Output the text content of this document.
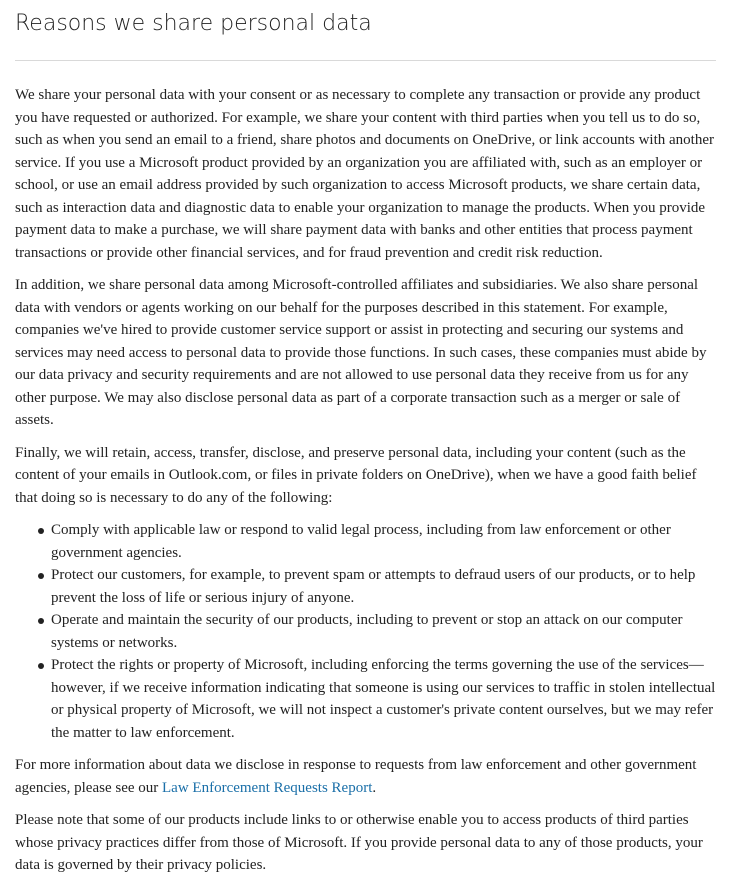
Reasons we share personal data

We share your personal data with your consent or as necessary to complete any transaction or provide any product you have requested or authorized. For example, we share your content with third parties when you tell us to do so, such as when you send an email to a friend, share photos and documents on OneDrive, or link accounts with another service. If you use a Microsoft product provided by an organization you are affiliated with, such as an employer or school, or use an email address provided by such organization to access Microsoft products, we share certain data, such as interaction data and diagnostic data to enable your organization to manage the products. When you provide payment data to make a purchase, we will share payment data with banks and other entities that process payment transactions or provide other financial services, and for fraud prevention and credit risk reduction.

In addition, we share personal data among Microsoft-controlled affiliates and subsidiaries. We also share personal data with vendors or agents working on our behalf for the purposes described in this statement. For example, companies we've hired to provide customer service support or assist in protecting and securing our systems and services may need access to personal data to provide those functions. In such cases, these companies must abide by our data privacy and security requirements and are not allowed to use personal data they receive from us for any other purpose. We may also disclose personal data as part of a corporate transaction such as a merger or sale of assets.

Finally, we will retain, access, transfer, disclose, and preserve personal data, including your content (such as the content of your emails in Outlook.com, or files in private folders on OneDrive), when we have a good faith belief that doing so is necessary to do any of the following:

Comply with applicable law or respond to valid legal process, including from law enforcement or other government agencies.
Protect our customers, for example, to prevent spam or attempts to defraud users of our products, or to help prevent the loss of life or serious injury of anyone.
Operate and maintain the security of our products, including to prevent or stop an attack on our computer systems or networks.
Protect the rights or property of Microsoft, including enforcing the terms governing the use of the services—however, if we receive information indicating that someone is using our services to traffic in stolen intellectual or physical property of Microsoft, we will not inspect a customer's private content ourselves, but we may refer the matter to law enforcement.

For more information about data we disclose in response to requests from law enforcement and other government agencies, please see our Law Enforcement Requests Report.

Please note that some of our products include links to or otherwise enable you to access products of third parties whose privacy practices differ from those of Microsoft. If you provide personal data to any of those products, your data is governed by their privacy policies.
